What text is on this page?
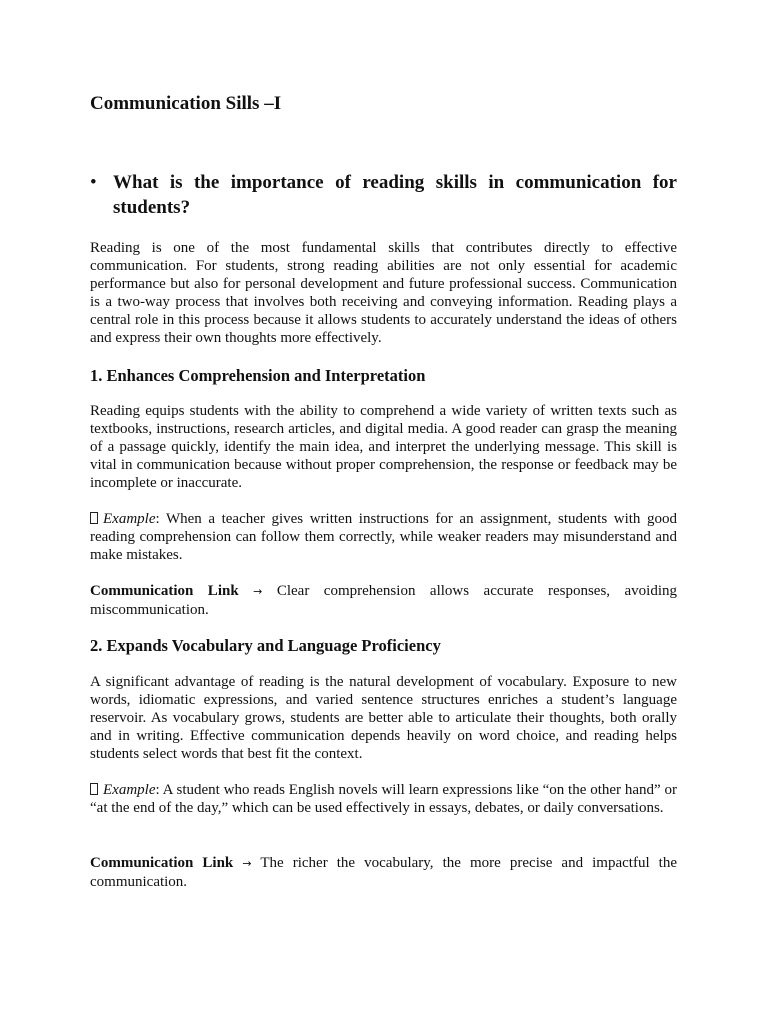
Communication Sills –I
• What is the importance of reading skills in communication for students?

Reading is one of the most fundamental skills that contributes directly to effective communication. For students, strong reading abilities are not only essential for academic performance but also for personal development and future professional success. Communication is a two-way process that involves both receiving and conveying information. Reading plays a central role in this process because it allows students to accurately understand the ideas of others and express their own thoughts more effectively.

1. Enhances Comprehension and Interpretation

Reading equips students with the ability to comprehend a wide variety of written texts such as textbooks, instructions, research articles, and digital media. A good reader can grasp the meaning of a passage quickly, identify the main idea, and interpret the underlying message. This skill is vital in communication because without proper comprehension, the response or feedback may be incomplete or inaccurate.

Example: When a teacher gives written instructions for an assignment, students with good reading comprehension can follow them correctly, while weaker readers may misunderstand and make mistakes.

Communication Link → Clear comprehension allows accurate responses, avoiding miscommunication.

2. Expands Vocabulary and Language Proficiency

A significant advantage of reading is the natural development of vocabulary. Exposure to new words, idiomatic expressions, and varied sentence structures enriches a student’s language reservoir. As vocabulary grows, students are better able to articulate their thoughts, both orally and in writing. Effective communication depends heavily on word choice, and reading helps students select words that best fit the context.

Example: A student who reads English novels will learn expressions like “on the other hand” or “at the end of the day,” which can be used effectively in essays, debates, or daily conversations.

Communication Link → The richer the vocabulary, the more precise and impactful the communication.
